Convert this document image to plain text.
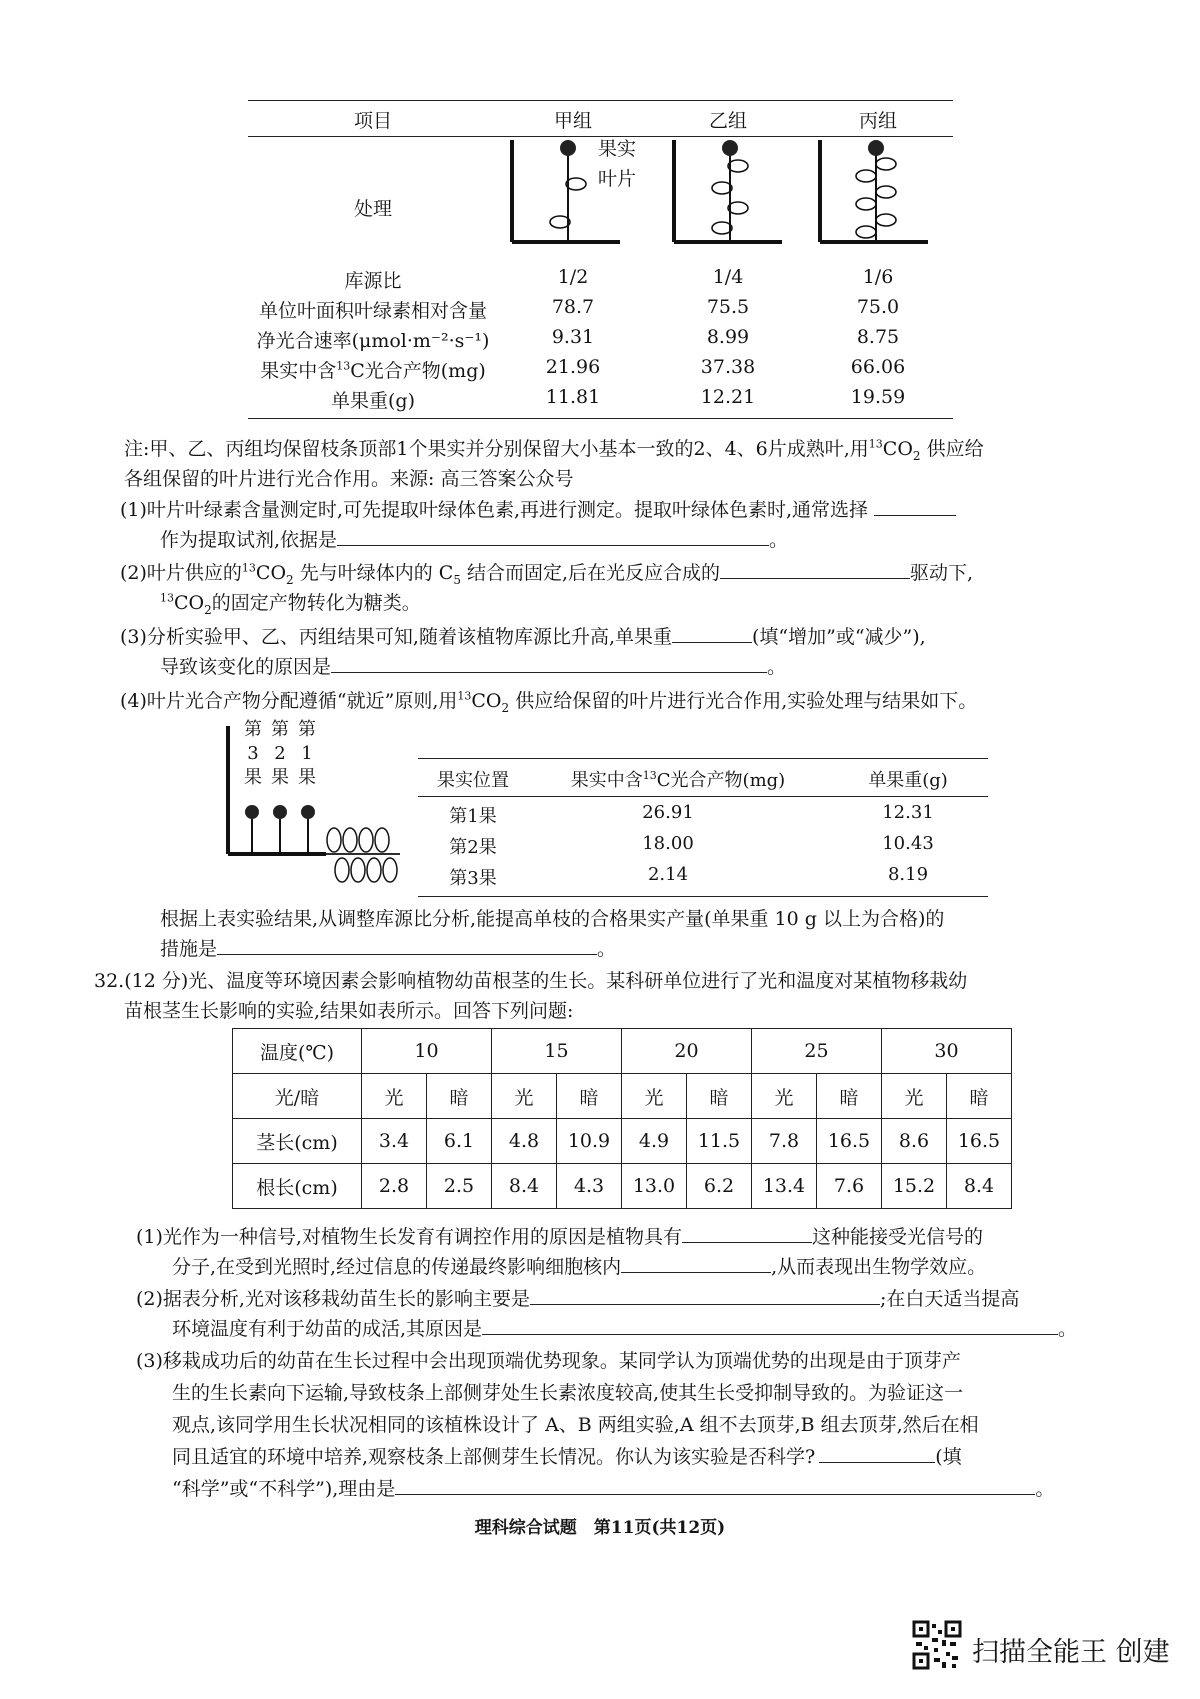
项目	甲组	乙组	丙组
处理
果实
叶片
库源比	1/2	1/4	1/6
单位叶面积叶绿素相对含量	78.7	75.5	75.0
净光合速率(μmol·m⁻²·s⁻¹)	9.31	8.99	8.75
果实中含$^{13}$C光合产物(mg)	21.96	37.38	66.06
单果重(g)	11.81	12.21	19.59
注:甲、乙、丙组均保留枝条顶部1个果实并分别保留大小基本一致的2、4、6片成熟叶,用$^{13}CO_2$ 供应给
各组保留的叶片进行光合作用。来源: 高三答案公众号
(1)叶片叶绿素含量测定时,可先提取叶绿体色素,再进行测定。提取叶绿体色素时,通常选择
作为提取试剂,依据是	。
(2)叶片供应的$^{13}CO_2$ 先与叶绿体内的 $C_5$ 结合而固定,后在光反应合成的	驱动下,
$^{13}CO_2$的固定产物转化为糖类。
(3)分析实验甲、乙、丙组结果可知,随着该植物库源比升高,单果重	(填“增加”或“减少”),
导致该变化的原因是	。
(4)叶片光合产物分配遵循“就近”原则,用$^{13}CO_2$ 供应给保留的叶片进行光合作用,实验处理与结果如下。
第
3
果
第
2
果
第
1
果	果实位置	果实中含$^{13}$C光合产物(mg)	单果重(g)
第1果	26.91	12.31
第2果	18.00	10.43
第3果	2.14	8.19
根据上表实验结果,从调整库源比分析,能提高单枝的合格果实产量(单果重 10 g 以上为合格)的
措施是	。
32.(12 分)光、温度等环境因素会影响植物幼苗根茎的生长。某科研单位进行了光和温度对某植物移栽幼
苗根茎生长影响的实验,结果如表所示。回答下列问题:
温度(℃)	10		15		20		25		30	
光/暗	光	暗	光	暗	光	暗	光	暗	光	暗
茎长(cm)	3.4	6.1	4.8	10.9	4.9	11.5	7.8	16.5	8.6	16.5
根长(cm)	2.8	2.5	8.4	4.3	13.0	6.2	13.4	7.6	15.2	8.4
(1)光作为一种信号,对植物生长发育有调控作用的原因是植物具有	这种能接受光信号的
分子,在受到光照时,经过信息的传递最终影响细胞核内	,从而表现出生物学效应。
(2)据表分析,光对该移栽幼苗生长的影响主要是	;在白天适当提高
环境温度有利于幼苗的成活,其原因是	。
(3)移栽成功后的幼苗在生长过程中会出现顶端优势现象。某同学认为顶端优势的出现是由于顶芽产
生的生长素向下运输,导致枝条上部侧芽处生长素浓度较高,使其生长受抑制导致的。为验证这一
观点,该同学用生长状况相同的该植株设计了 A、B 两组实验,A 组不去顶芽,B 组去顶芽,然后在相
同且适宜的环境中培养,观察枝条上部侧芽生长情况。你认为该实验是否科学?	(填
“科学”或“不科学”),理由是	。
理科综合试题　第11页(共12页)
扫描全能王 创建
